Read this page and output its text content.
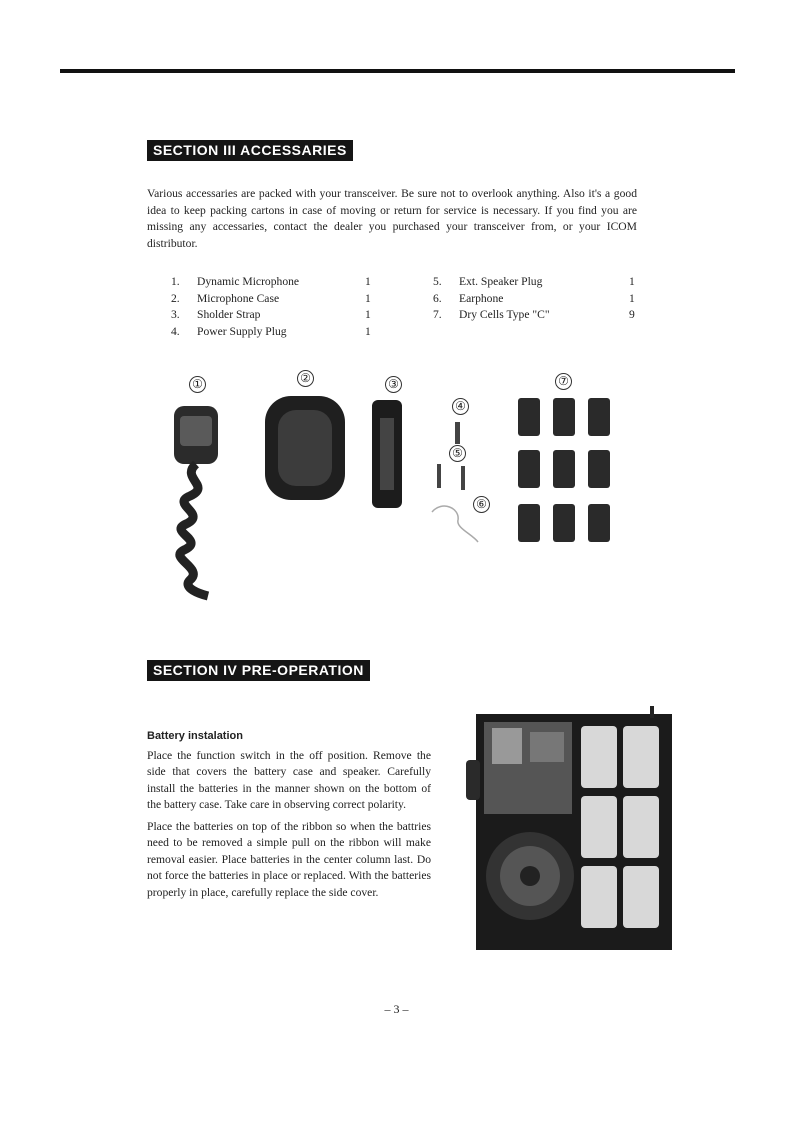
SECTION III ACCESSARIES
Various accessaries are packed with your transceiver. Be sure not to overlook anything. Also it's a good idea to keep packing cartons in case of moving or return for service is necessary. If you find you are missing any accessaries, contact the dealer you purchased your transceiver from, or your ICOM distributor.
1.	Dynamic Microphone	1
2.	Microphone Case	1
3.	Sholder Strap	1
4.	Power Supply Plug	1
5.	Ext. Speaker Plug	1
6.	Earphone	1
7.	Dry Cells Type "C"	9
①	②	③
④
⑤
⑥
⑦
SECTION IV PRE-OPERATION
Battery instalation

Place the function switch in the off position. Remove the side that covers the battery case and speaker. Carefully install the batteries in the manner shown on the bottom of the battery case. Take care in observing correct polarity.

Place the batteries on top of the ribbon so when the battries need to be removed a simple pull on the ribbon will make removal easier. Place batteries in the center column last. Do not force the batteries in place or replaced. With the batteries properly in place, carefully replace the side cover.

– 3 –
